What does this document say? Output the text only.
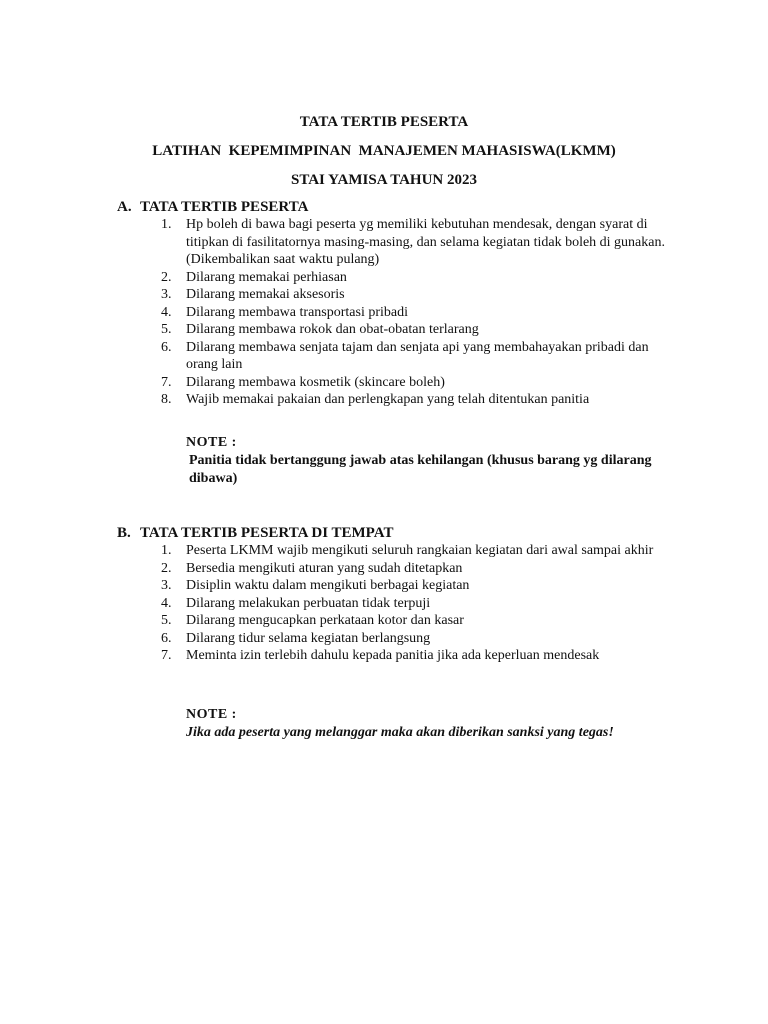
TATA TERTIB PESERTA
LATIHAN  KEPEMIMPINAN  MANAJEMEN MAHASISWA(LKMM)
STAI YAMISA TAHUN 2023
A. TATA TERTIB PESERTA
1.	Hp boleh di bawa bagi peserta yg memiliki kebutuhan mendesak, dengan syarat di titipkan di fasilitatornya masing-masing, dan selama kegiatan tidak boleh di gunakan. (Dikembalikan saat waktu pulang)
2.	Dilarang memakai perhiasan
3.	Dilarang memakai aksesoris
4.	Dilarang membawa transportasi pribadi
5.	Dilarang membawa rokok dan obat-obatan terlarang
6.	Dilarang membawa senjata tajam dan senjata api yang membahayakan pribadi dan orang lain
7.	Dilarang membawa kosmetik (skincare boleh)
8.	Wajib memakai pakaian dan perlengkapan yang telah ditentukan panitia
NOTE :
Panitia tidak bertanggung jawab atas kehilangan (khusus barang yg dilarang dibawa)
B. TATA TERTIB PESERTA DI TEMPAT
1.	Peserta LKMM wajib mengikuti seluruh rangkaian kegiatan dari awal sampai akhir
2.	Bersedia mengikuti aturan yang sudah ditetapkan
3.	Disiplin waktu dalam mengikuti berbagai kegiatan
4.	Dilarang melakukan perbuatan tidak terpuji
5.	Dilarang mengucapkan perkataan kotor dan kasar
6.	Dilarang tidur selama kegiatan berlangsung
7.	Meminta izin terlebih dahulu kepada panitia jika ada keperluan mendesak
NOTE :
Jika ada peserta yang melanggar maka akan diberikan sanksi yang tegas!
